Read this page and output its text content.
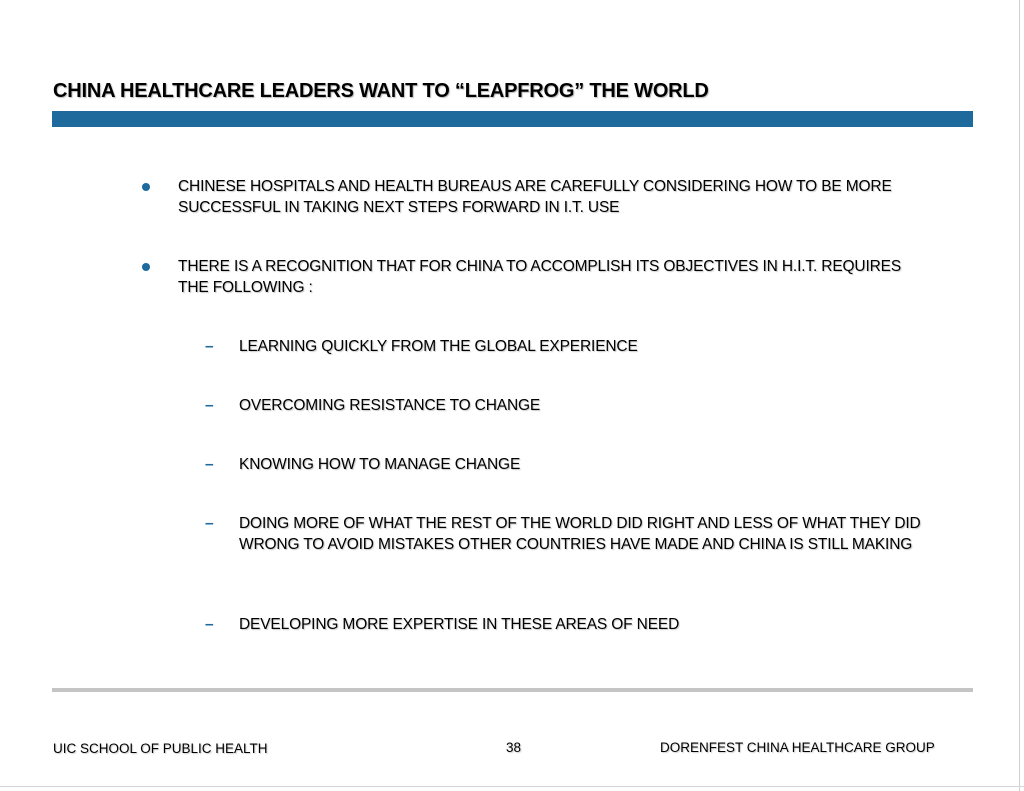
CHINA HEALTHCARE LEADERS WANT TO “LEAPFROG” THE WORLD
CHINESE HOSPITALS AND HEALTH BUREAUS ARE CAREFULLY CONSIDERING HOW TO BE MORE SUCCESSFUL IN TAKING NEXT STEPS FORWARD IN I.T. USE
THERE IS A RECOGNITION THAT FOR CHINA TO ACCOMPLISH ITS OBJECTIVES IN H.I.T. REQUIRES THE FOLLOWING :
– LEARNING QUICKLY FROM THE GLOBAL EXPERIENCE
– OVERCOMING RESISTANCE TO CHANGE
– KNOWING HOW TO MANAGE CHANGE
– DOING MORE OF WHAT THE REST OF THE WORLD DID RIGHT AND LESS OF WHAT THEY DID WRONG TO AVOID MISTAKES OTHER COUNTRIES HAVE MADE AND CHINA IS STILL MAKING
– DEVELOPING MORE EXPERTISE IN THESE AREAS OF NEED
UIC SCHOOL OF PUBLIC HEALTH	38	DORENFEST CHINA HEALTHCARE GROUP
